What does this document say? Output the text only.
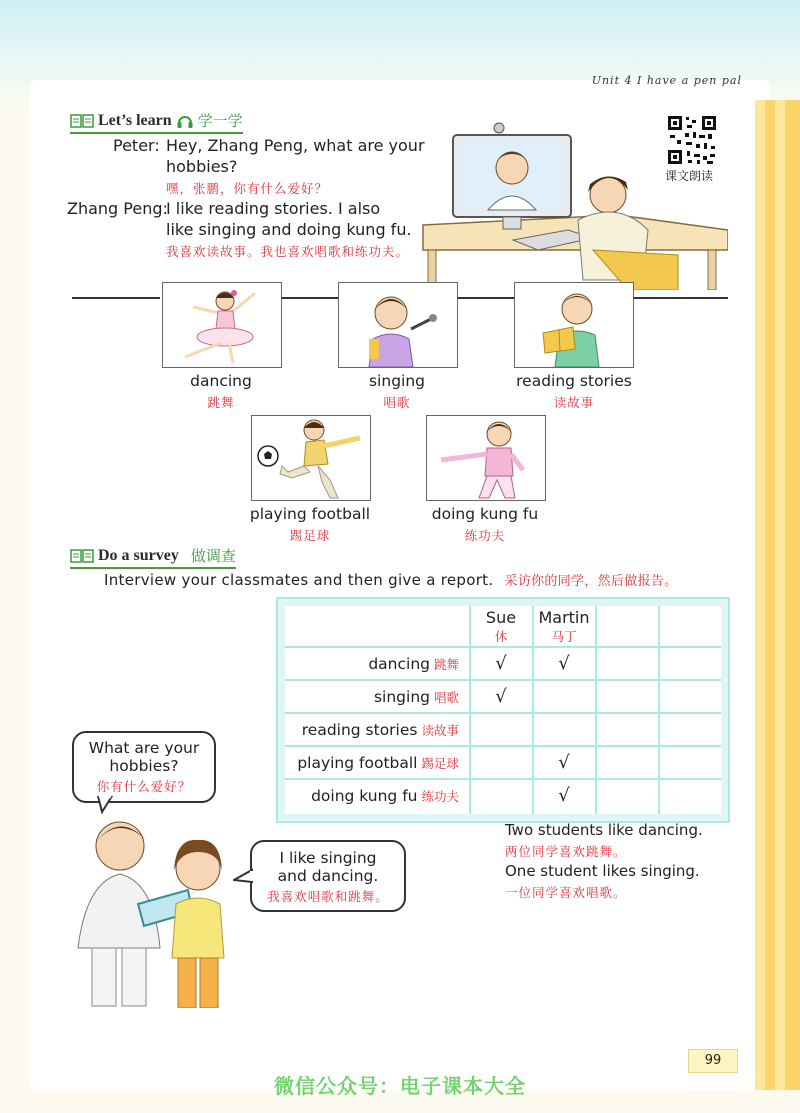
Unit 4 I have a pen pal
Let’s learn 学一学
Peter: Hey, Zhang Peng, what are your
hobbies?
嘿，张鹏，你有什么爱好？
Zhang Peng:
I like reading stories. I also
like singing and doing kung fu.
我喜欢读故事。我也喜欢唱歌和练功夫。
课文朗读
dancing
跳舞
singing
唱歌
reading stories
读故事
playing football
踢足球
doing kung fu
练功夫
Do a survey 做调查
Interview your classmates and then give a report. 采访你的同学，然后做报告。
Sue
休
Martin
马丁
dancing 跳舞
singing 唱歌
reading stories 读故事
playing football 踢足球
doing kung fu 练功夫
√	√
√
√
√
What are your
hobbies?
你有什么爱好？
I like singing
and dancing.
我喜欢唱歌和跳舞。
Two students like dancing.
两位同学喜欢跳舞。
One student likes singing.
一位同学喜欢唱歌。
99
微信公众号：电子课本大全
